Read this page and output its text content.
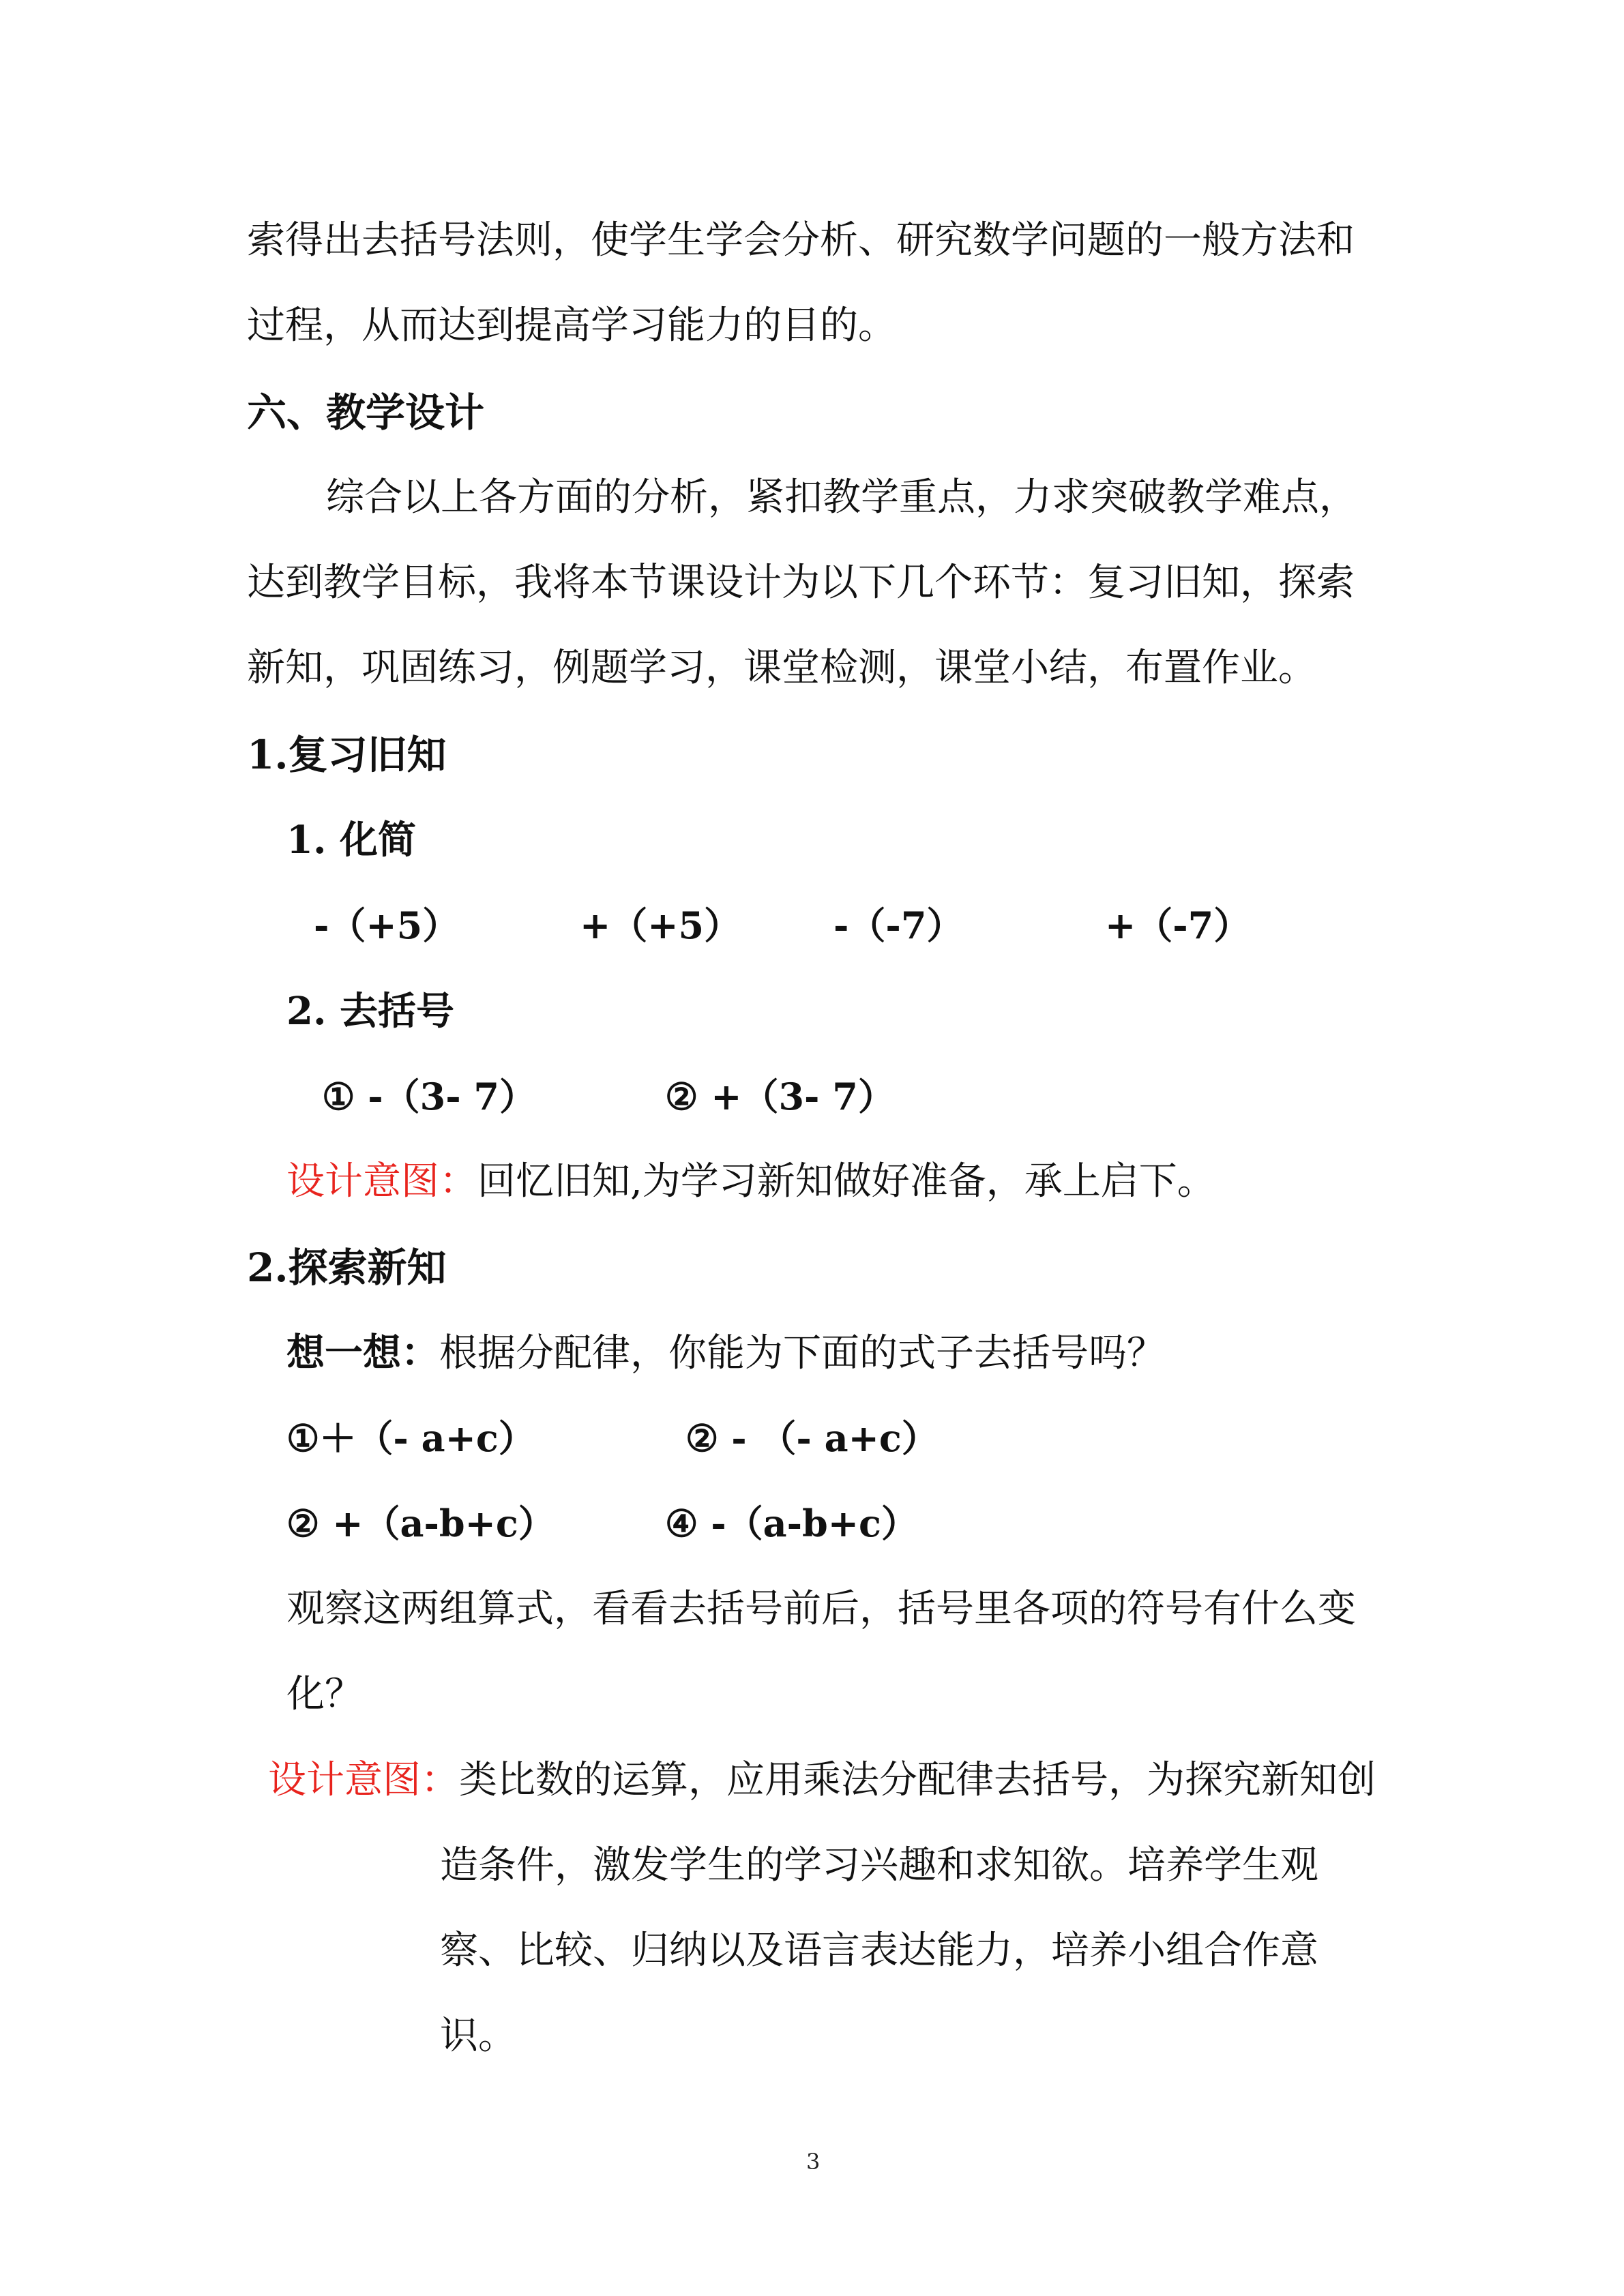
索得出去括号法则，使学生学会分析、研究数学问题的一般方法和
过程，从而达到提高学习能力的目的。
六、教学设计
综合以上各方面的分析，紧扣教学重点，力求突破教学难点，
达到教学目标，我将本节课设计为以下几个环节：复习旧知，探索
新知，巩固练习，例题学习，课堂检测，课堂小结，布置作业。
1.复习旧知
1. 化简
-（+5）	+（+5）	-（-7）	+（-7）
2. 去括号
① -（3- 7）	② +（3- 7）
设计意图：回忆旧知,为学习新知做好准备，承上启下。
2.探索新知
想一想：根据分配律，你能为下面的式子去括号吗？
①＋（- a+c）	② - （- a+c）
② +（a-b+c）	④ -（a-b+c）
观察这两组算式，看看去括号前后，括号里各项的符号有什么变
化？
设计意图：类比数的运算，应用乘法分配律去括号，为探究新知创
造条件，激发学生的学习兴趣和求知欲。培养学生观
察、比较、归纳以及语言表达能力，培养小组合作意
识。
3
